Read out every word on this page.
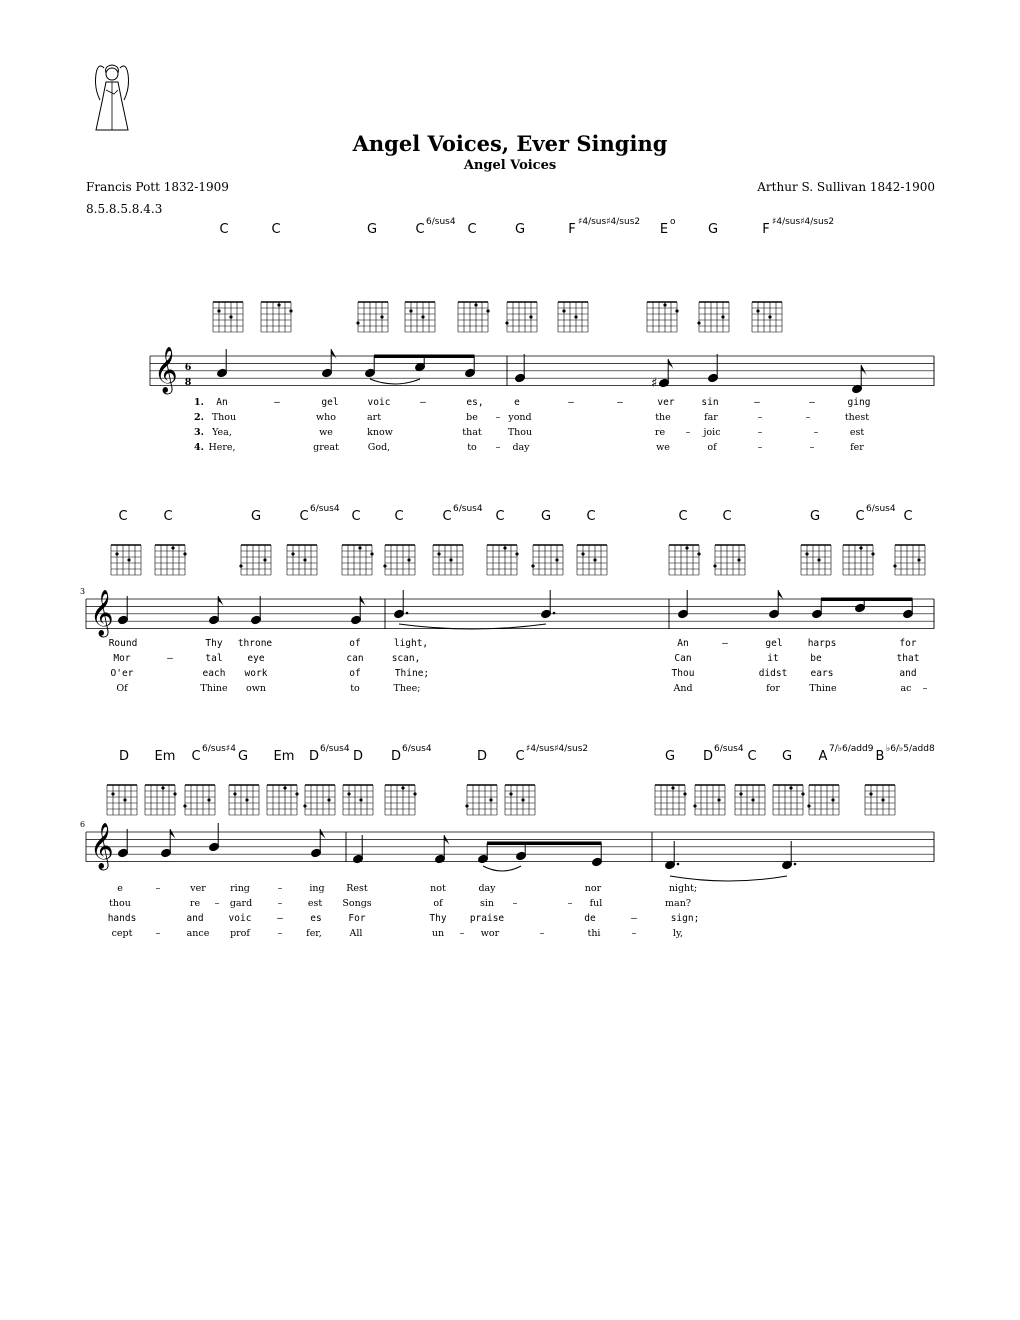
Angel Voices, Ever Singing
Angel Voices
Francis Pott 1832-1909
8.5.8.5.8.4.3
Arthur S. Sullivan 1842-1900
C	C	G	C 6/sus4 C	G	F ♯4/sus♯4/sus2 E o G	F ♯4/sus♯4/sus2
𝄞 6
8	♯
1. An	–	gel	voic	–	es,	e	–	–	ver	sin	–	–	ging
2. Thou	who	art	be – yond	the	far	–	–	thest
3. Yea,	we	know	that	Thou	re – joic	–	–	est
4. Here,	great	God,	to – day	we	of	–	–	fer
C	C	G	C 6/sus4 C	C	C 6/sus4 C	G	C	C	C	G	C 6/sus4 C
𝄞
3
Round	Thy throne	of	light,	An	–	gel	harps	for
Mor	–	tal	eye	can	scan,	Can	it	be	that
O'er	each work	of	Thine;	Thou	didst ears	and
Of	Thine own	to	Thee;	And	for	Thine	ac –
D Em C 6/sus♯4 G Em D 6/sus4 D D 6/sus4	D C ♯4/sus♯4/sus2	G D 6/sus4 C G A 7/♭6/add9 B ♭6/♭5/add8
𝄞
6
e	–	ver	ring	–	ing Rest	not	day	nor	night;
thou	re – gard	–	est Songs	of	sin –	– ful	man?
hands	and	voic	–	es	For	Thy praise	de	–	sign;
cept –	ance prof	–	fer,	All	un – wor	–	thi	–	ly,
